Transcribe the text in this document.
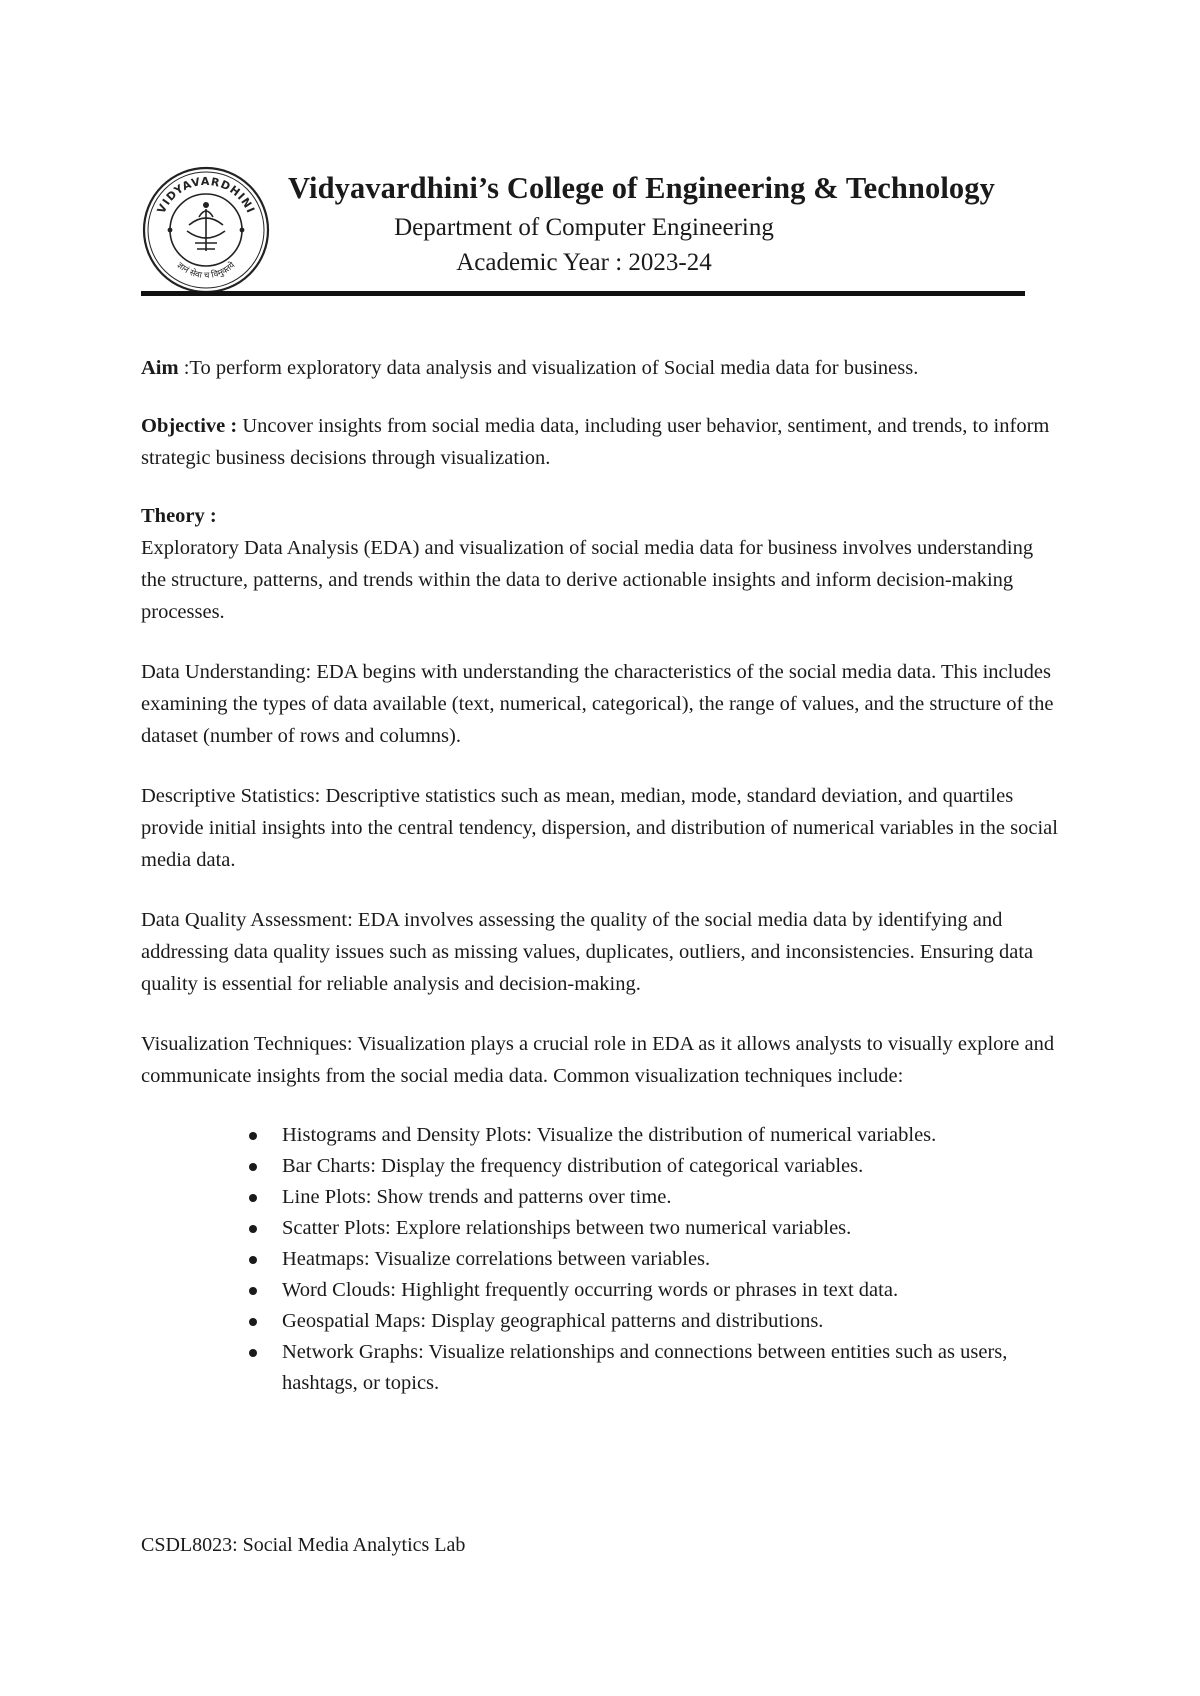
VIDYAVARDHINI
ज्ञानं सेवा च विमुक्तये
Vidyavardhini’s College of Engineering & Technology
Department of Computer Engineering
Academic Year : 2023-24

Aim :To perform exploratory data analysis and visualization of Social media data for business.

Objective : Uncover insights from social media data, including user behavior, sentiment, and trends, to inform strategic business decisions through visualization.

Theory :

Exploratory Data Analysis (EDA) and visualization of social media data for business involves understanding the structure, patterns, and trends within the data to derive actionable insights and inform decision-making processes.

Data Understanding: EDA begins with understanding the characteristics of the social media data. This includes examining the types of data available (text, numerical, categorical), the range of values, and the structure of the dataset (number of rows and columns).

Descriptive Statistics: Descriptive statistics such as mean, median, mode, standard deviation, and quartiles provide initial insights into the central tendency, dispersion, and distribution of numerical variables in the social media data.

Data Quality Assessment: EDA involves assessing the quality of the social media data by identifying and addressing data quality issues such as missing values, duplicates, outliers, and inconsistencies. Ensuring data quality is essential for reliable analysis and decision-making.

Visualization Techniques: Visualization plays a crucial role in EDA as it allows analysts to visually explore and communicate insights from the social media data. Common visualization techniques include:

Histograms and Density Plots: Visualize the distribution of numerical variables.
Bar Charts: Display the frequency distribution of categorical variables.
Line Plots: Show trends and patterns over time.
Scatter Plots: Explore relationships between two numerical variables.
Heatmaps: Visualize correlations between variables.
Word Clouds: Highlight frequently occurring words or phrases in text data.
Geospatial Maps: Display geographical patterns and distributions.
Network Graphs: Visualize relationships and connections between entities such as users, hashtags, or topics.
CSDL8023: Social Media Analytics Lab
